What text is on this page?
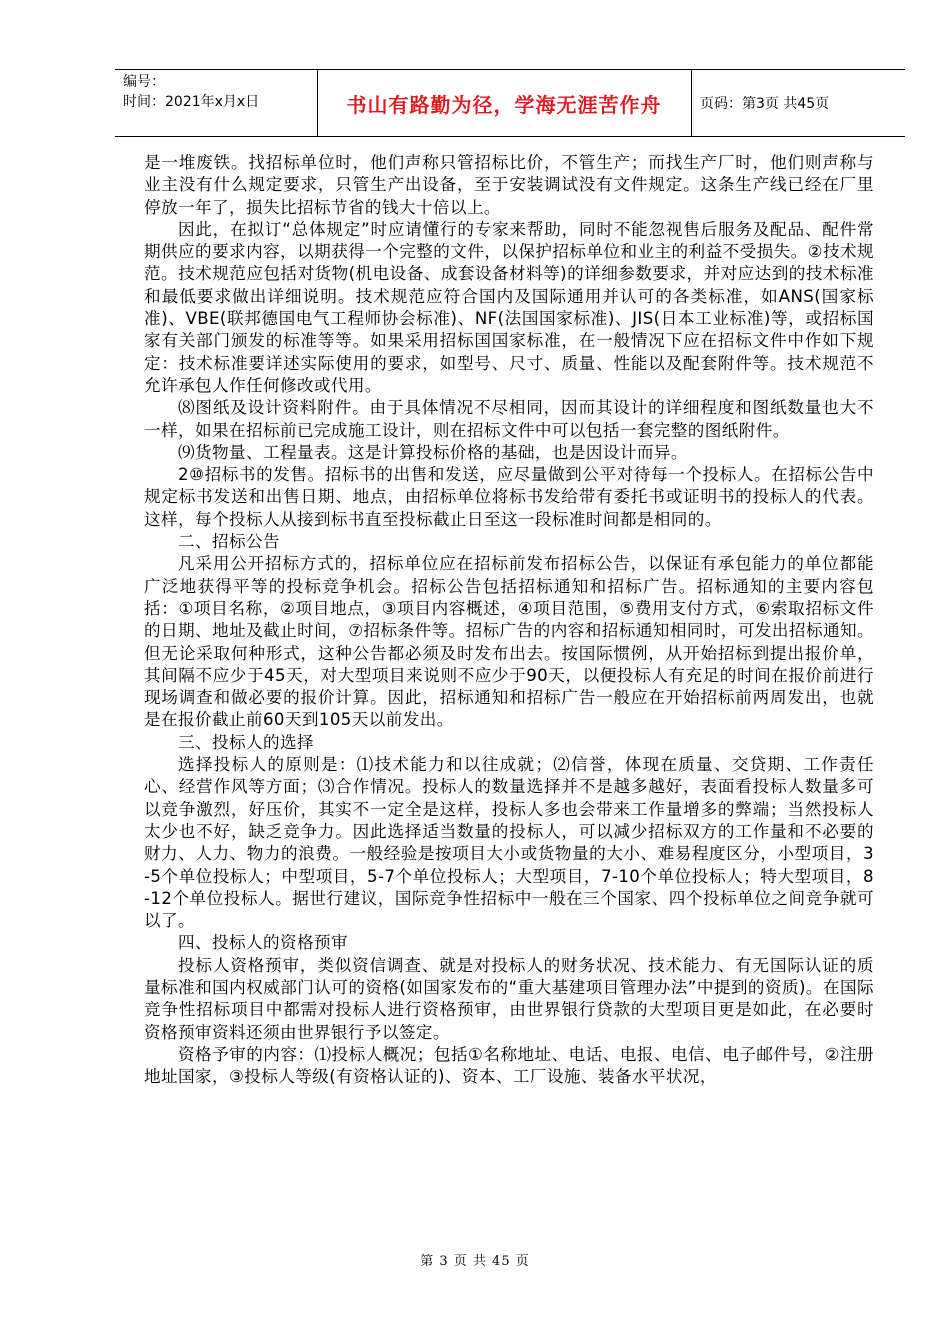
编号：
时间：2021年x月x日	书山有路勤为径，学海无涯苦作舟	页码：第3页 共45页

是一堆废铁。找招标单位时，他们声称只管招标比价，不管生产；而找生产厂时，他们则声称与业主没有什么规定要求，只管生产出设备，至于安装调试没有文件规定。这条生产线已经在厂里停放一年了，损失比招标节省的钱大十倍以上。

因此，在拟订“总体规定”时应请懂行的专家来帮助，同时不能忽视售后服务及配品、配件常期供应的要求内容，以期获得一个完整的文件，以保护招标单位和业主的利益不受损失。②技术规范。技术规范应包括对货物(机电设备、成套设备材料等)的详细参数要求，并对应达到的技术标准和最低要求做出详细说明。技术规范应符合国内及国际通用并认可的各类标准，如ANS(国家标准)、VBE(联邦德国电气工程师协会标准)、NF(法国国家标准)、JIS(日本工业标准)等，或招标国家有关部门颁发的标准等等。如果采用招标国国家标准，在一般情况下应在招标文件中作如下规定：技术标准要详述实际使用的要求，如型号、尺寸、质量、性能以及配套附件等。技术规范不允许承包人作任何修改或代用。

⑻图纸及设计资料附件。由于具体情况不尽相同，因而其设计的详细程度和图纸数量也大不一样，如果在招标前已完成施工设计，则在招标文件中可以包括一套完整的图纸附件。

⑼货物量、工程量表。这是计算投标价格的基础，也是因设计而异。

2⑩招标书的发售。招标书的出售和发送，应尽量做到公平对待每一个投标人。在招标公告中规定标书发送和出售日期、地点，由招标单位将标书发给带有委托书或证明书的投标人的代表。这样，每个投标人从接到标书直至投标截止日至这一段标准时间都是相同的。

二、招标公告

凡采用公开招标方式的，招标单位应在招标前发布招标公告，以保证有承包能力的单位都能广泛地获得平等的投标竞争机会。招标公告包括招标通知和招标广告。招标通知的主要内容包括：①项目名称，②项目地点，③项目内容概述，④项目范围，⑤费用支付方式，⑥索取招标文件的日期、地址及截止时间，⑦招标条件等。招标广告的内容和招标通知相同时，可发出招标通知。但无论采取何种形式，这种公告都必须及时发布出去。按国际惯例，从开始招标到提出报价单，其间隔不应少于45天，对大型项目来说则不应少于90天，以便投标人有充足的时间在报价前进行现场调查和做必要的报价计算。因此，招标通知和招标广告一般应在开始招标前两周发出，也就是在报价截止前60天到105天以前发出。

三、投标人的选择

选择投标人的原则是：⑴技术能力和以往成就；⑵信誉，体现在质量、交贷期、工作责任心、经营作风等方面；⑶合作情况。投标人的数量选择并不是越多越好，表面看投标人数量多可以竞争激烈，好压价，其实不一定全是这样，投标人多也会带来工作量增多的弊端；当然投标人太少也不好，缺乏竞争力。因此选择适当数量的投标人，可以减少招标双方的工作量和不必要的财力、人力、物力的浪费。一般经验是按项目大小或货物量的大小、难易程度区分，小型项目，3-5个单位投标人；中型项目，5-7个单位投标人；大型项目，7-10个单位投标人；特大型项目，8-12个单位投标人。据世行建议，国际竞争性招标中一般在三个国家、四个投标单位之间竞争就可以了。

四、投标人的资格预审

投标人资格预审，类似资信调查、就是对投标人的财务状况、技术能力、有无国际认证的质量标准和国内权威部门认可的资格(如国家发布的“重大基建项目管理办法”中提到的资质)。在国际竞争性招标项目中都需对投标人进行资格预审，由世界银行贷款的大型项目更是如此，在必要时资格预审资料还须由世界银行予以签定。

资格予审的内容：⑴投标人概况；包括①名称地址、电话、电报、电信、电子邮件号，②注册地址国家，③投标人等级(有资格认证的)、资本、工厂设施、装备水平状况，

第 3 页 共 45 页
